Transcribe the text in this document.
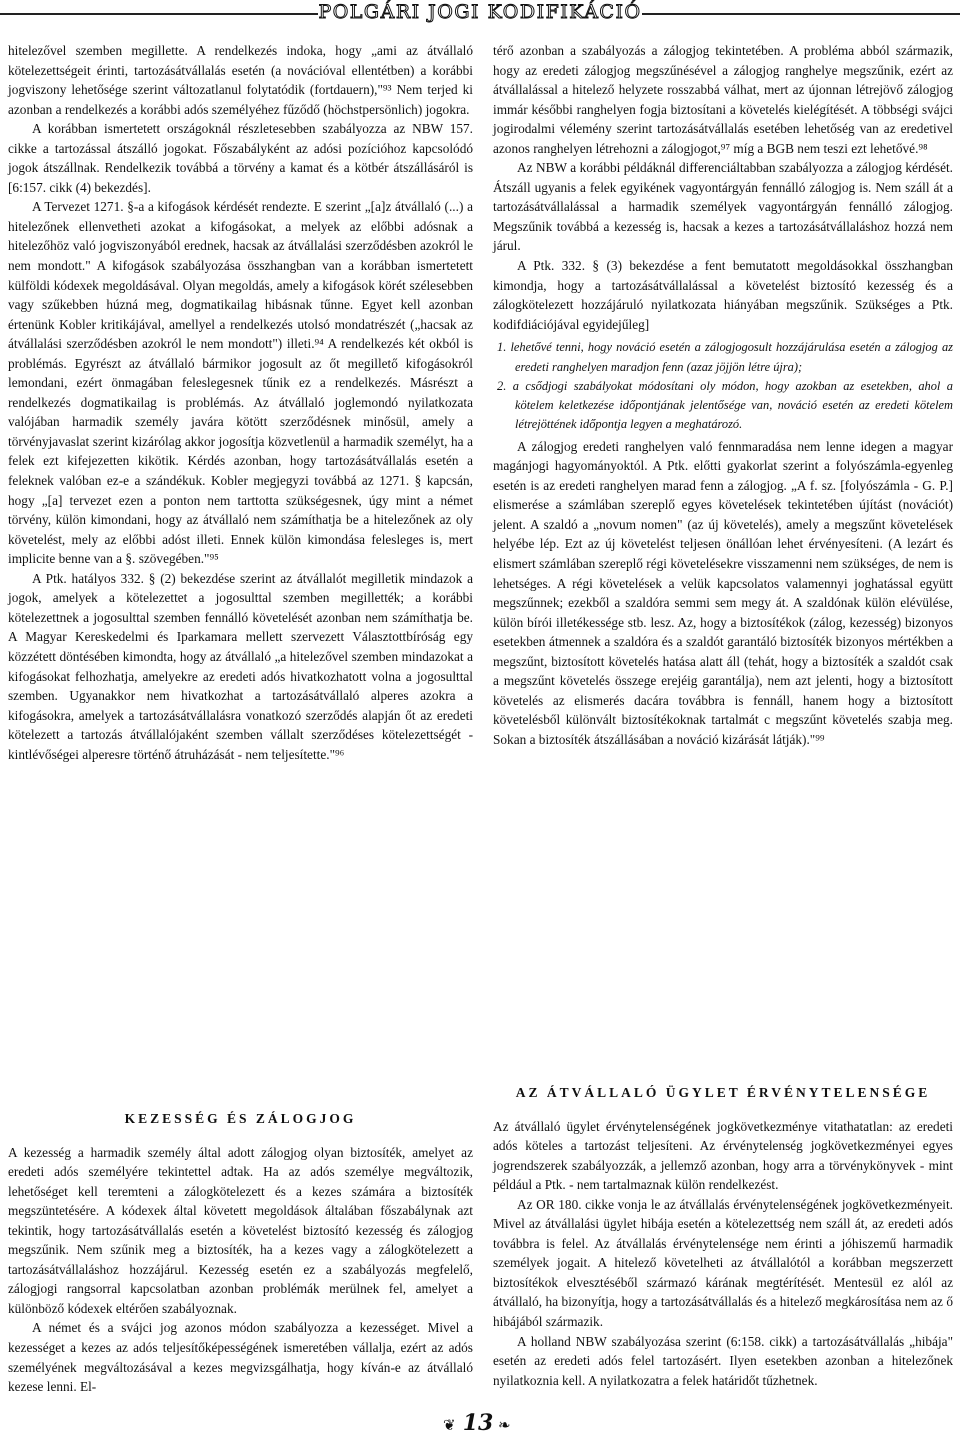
POLGÁRI JOGI KODIFIKÁCIÓ

hitelezővel szemben megillette. A rendelkezés indoka, hogy „ami az átvállaló kötelezettségeit érinti, tartozásátvállalás esetén (a novációval ellentétben) a korábbi jogviszony lehetősége szerint változatlanul folytatódik (fortdauern),"⁹³ Nem terjed ki azonban a rendelkezés a korábbi adós személyéhez fűződő (höchstpersönlich) jogokra.

A korábban ismertetett országoknál részletesebben szabályozza az NBW 157. cikke a tartozással átszálló jogokat. Főszabályként az adósi pozícióhoz kapcsolódó jogok átszállnak. Rendelkezik továbbá a törvény a kamat és a kötbér átszállásáról is [6:157. cikk (4) bekezdés].

A Tervezet 1271. §-a a kifogások kérdését rendezte. E szerint „[a]z átvállaló (...) a hitelezőnek ellenvetheti azokat a kifogásokat, a melyek az előbbi adósnak a hitelezőhöz való jogviszonyából erednek, hacsak az átvállalási szerződésben azokról le nem mondott." A kifogások szabályozása összhangban van a korábban ismertetett külföldi kódexek megoldásával. Olyan megoldás, amely a kifogások körét szélesebben vagy szűkebben húzná meg, dogmatikailag hibásnak tűnne. Egyet kell azonban értenünk Kobler kritikájával, amellyel a rendelkezés utolsó mondatrészét („hacsak az átvállalási szerződésben azokról le nem mondott") illeti.⁹⁴ A rendelkezés két okból is problémás. Egyrészt az átvállaló bármikor jogosult az őt megillető kifogásokról lemondani, ezért önmagában feleslegesnek tűnik ez a rendelkezés. Másrészt a rendelkezés dogmatikailag is problémás. Az átvállaló joglemondó nyilatkozata valójában harmadik személy javára kötött szerződésnek minősül, amely a törvényjavaslat szerint kizárólag akkor jogosítja közvetlenül a harmadik személyt, ha a felek ezt kifejezetten kikötik. Kérdés azonban, hogy tartozásátvállalás esetén a feleknek valóban ez-e a szándékuk. Kobler megjegyzi továbbá az 1271. § kapcsán, hogy „[a] tervezet ezen a ponton nem tarttotta szükségesnek, úgy mint a német törvény, külön kimondani, hogy az átvállaló nem számíthatja be a hitelezőnek az oly követelést, mely az előbbi adóst illeti. Ennek külön kimondása felesleges is, mert implicite benne van a §. szövegében."⁹⁵

A Ptk. hatályos 332. § (2) bekezdése szerint az átvállalót megilletik mindazok a jogok, amelyek a kötelezettet a jogosulttal szemben megillették; a korábbi kötelezettnek a jogosulttal szemben fennálló követelését azonban nem számíthatja be. A Magyar Kereskedelmi és Iparkamara mellett szervezett Választottbíróság egy közzétett döntésében kimondta, hogy az átvállaló „a hitelezővel szemben mindazokat a kifogásokat felhozhatja, amelyekre az eredeti adós hivatkozhatott volna a jogosulttal szemben. Ugyanakkor nem hivatkozhat a tartozásátvállaló alperes azokra a kifogásokra, amelyek a tartozásátvállalásra vonatkozó szerződés alapján őt az eredeti kötelezett a tartozás átvállalójaként szemben vállalt szerződéses kötelezettségét - kintlévőségei alperesre történő átruházását - nem teljesítette."⁹⁶

KEZESSÉG ÉS ZÁLOGJOG

A kezesség a harmadik személy által adott zálogjog olyan biztosíték, amelyet az eredeti adós személyére tekintettel adtak. Ha az adós személye megváltozik, lehetőséget kell teremteni a zálogkötelezett és a kezes számára a biztosíték megszüntetésére. A kódexek által követett megoldások általában főszabálynak azt tekintik, hogy tartozásátvállalás esetén a követelést biztosító kezesség és zálogjog megszűnik. Nem szűnik meg a biztosíték, ha a kezes vagy a zálogkötelezett a tartozásátvállaláshoz hozzájárul. Kezesség esetén ez a szabályozás megfelelő, zálogjogi rangsorral kapcsolatban azonban problémák merülnek fel, amelyet a különböző kódexek eltérően szabályoznak.

A német és a svájci jog azonos módon szabályozza a kezességet. Mivel a kezességet a kezes az adós teljesítőképességének ismeretében vállalja, ezért az adós személyének megváltozásával a kezes megvizsgálhatja, hogy kíván-e az átvállaló kezese lenni. El-

térő azonban a szabályozás a zálogjog tekintetében. A probléma abból származik, hogy az eredeti zálogjog megszűnésével a zálogjog ranghelye megszűnik, ezért az átvállalással a hitelező helyzete rosszabbá válhat, mert az újonnan létrejövő zálogjog immár későbbi ranghelyen fogja biztosítani a követelés kielégítését. A többségi svájci jogirodalmi vélemény szerint tartozásátvállalás esetében lehetőség van az eredetivel azonos ranghelyen létrehozni a zálogjogot,⁹⁷ míg a BGB nem teszi ezt lehetővé.⁹⁸

Az NBW a korábbi példáknál differenciáltabban szabályozza a zálogjog kérdését. Átszáll ugyanis a felek egyikének vagyontárgyán fennálló zálogjog is. Nem száll át a tartozásátvállalással a harmadik személyek vagyontárgyán fennálló zálogjog. Megszűnik továbbá a kezesség is, hacsak a kezes a tartozásátvállaláshoz hozzá nem járul.

A Ptk. 332. § (3) bekezdése a fent bemutatott megoldásokkal összhangban kimondja, hogy a tartozásátvállalással a követelést biztosító kezesség és a zálogkötelezett hozzájáruló nyilatkozata hiányában megszűnik. Szükséges a Ptk. kodifdiációjával egyidejűleg]

1. lehetővé tenni, hogy nováció esetén a zálogjogosult hozzájárulása esetén a zálogjog az eredeti ranghelyen maradjon fenn (azaz jöjjön létre újra);
2. a csődjogi szabályokat módosítani oly módon, hogy azokban az esetekben, ahol a kötelem keletkezése időpontjának jelentősége van, nováció esetén az eredeti kötelem létrejöttének időpontja legyen a meghatározó.

A zálogjog eredeti ranghelyen való fennmaradása nem lenne idegen a magyar magánjogi hagyományoktól. A Ptk. előtti gyakorlat szerint a folyószámla-egyenleg esetén is az eredeti ranghelyen marad fenn a zálogjog. „A f. sz. [folyószámla - G. P.] elismerése a számlában szereplő egyes követelések tekintetében újítást (novációt) jelent. A szaldó a „novum nomen" (az új követelés), amely a megszűnt követelések helyébe lép. Ezt az új követelést teljesen önállóan lehet érvényesíteni. (A lezárt és elismert számlában szereplő régi követelésekre visszamenni nem szükséges, de nem is lehetséges. A régi követelések a velük kapcsolatos valamennyi joghatással együtt megszűnnek; ezekből a szaldóra semmi sem megy át. A szaldónak külön elévülése, külön bírói illetékessége stb. lesz. Az, hogy a biztosítékok (zálog, kezesség) bizonyos esetekben átmennek a szaldóra és a szaldót garantáló biztosíték bizonyos mértékben a megszűnt, biztosított követelés hatása alatt áll (tehát, hogy a biztosíték a szaldót csak a megszűnt követelés összege erejéig garantálja), nem azt jelenti, hogy a biztosított követelés az elismerés dacára továbbra is fennáll, hanem hogy a biztosított követelésből különvált biztosítékoknak tartalmát c megszűnt követelés szabja meg. Sokan a biztosíték átszállásában a nováció kizárását látják)."⁹⁹

AZ ÁTVÁLLALÓ ÜGYLET ÉRVÉNYTELENSÉGE

Az átvállaló ügylet érvénytelenségének jogkövetkezménye vitathatatlan: az eredeti adós köteles a tartozást teljesíteni. Az érvénytelenség jogkövetkezményei egyes jogrendszerek szabályozzák, a jellemző azonban, hogy arra a törvénykönyvek - mint például a Ptk. - nem tartalmaznak külön rendelkezést.

Az OR 180. cikke vonja le az átvállalás érvénytelenségének jogkövetkezményeit. Mivel az átvállalási ügylet hibája esetén a kötelezettség nem száll át, az eredeti adós továbbra is felel. Az átvállalás érvénytelensége nem érinti a jóhiszemű harmadik személyek jogait. A hitelező követelheti az átvállalótól a korábban megszerzett biztosítékok elvesztéséből származó kárának megtérítését. Mentesül ez alól az átvállaló, ha bizonyítja, hogy a tartozásátvállalás és a hitelező megkárosítása nem az ő hibájából származik.

A holland NBW szabályozása szerint (6:158. cikk) a tartozásátvállalás „hibája" esetén az eredeti adós felel tartozásért. Ilyen esetekben azonban a hitelezőnek nyilatkoznia kell. A nyilatkozatra a felek határidőt tűzhetnek.

❦ 13 ❧
